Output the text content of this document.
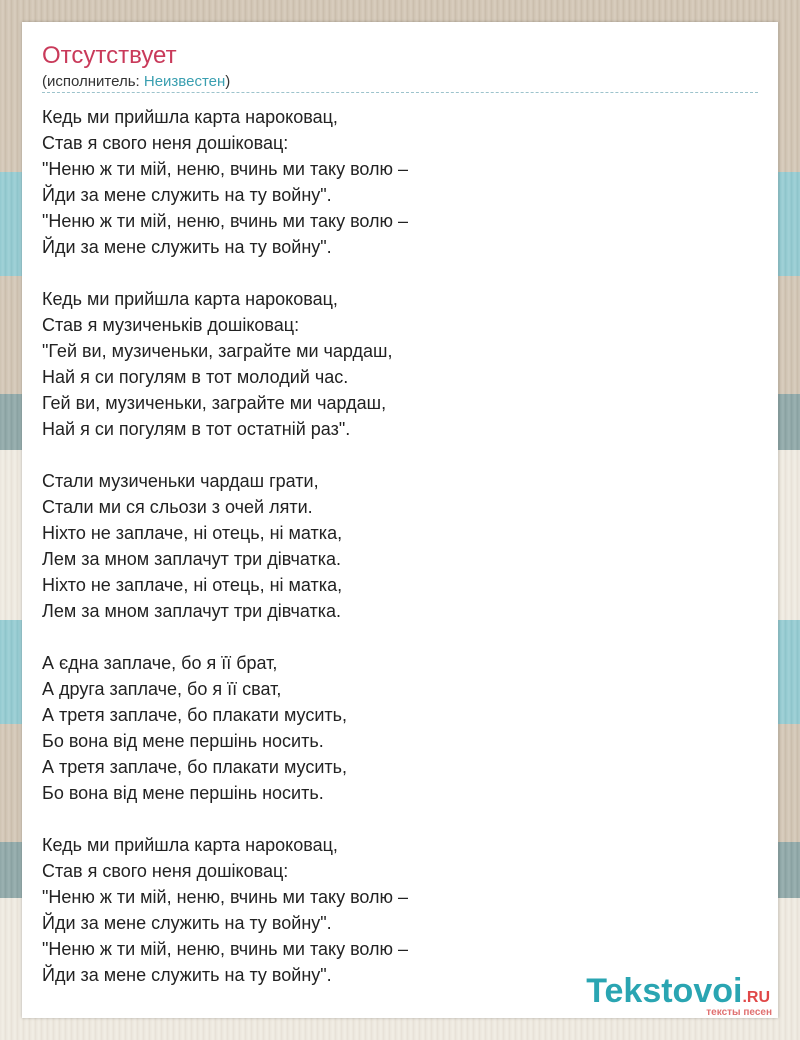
Отсутствует
(исполнитель: Неизвестен)
Кедь ми прийшла карта нароковац,
Став я свого неня дошіковац:
"Неню ж ти мій, неню, вчинь ми таку волю –
Йди за мене служить на ту войну".
"Неню ж ти мій, неню, вчинь ми таку волю –
Йди за мене служить на ту войну".
Кедь ми прийшла карта нароковац,
Став я музиченьків дошіковац:
"Гей ви, музиченьки, заграйте ми чардаш,
Най я си погулям в тот молодий час.
Гей ви, музиченьки, заграйте ми чардаш,
Най я си погулям в тот остатній раз".
Стали музиченьки чардаш грати,
Стали ми ся сльози з очей ляти.
Ніхто не заплаче, ні отець, ні матка,
Лем за мном заплачут три дівчатка.
Ніхто не заплаче, ні отець, ні матка,
Лем за мном заплачут три дівчатка.
А єдна заплаче, бо я її брат,
А друга заплаче, бо я її сват,
А третя заплаче, бо плакати мусить,
Бо вона від мене першінь носить.
А третя заплаче, бо плакати мусить,
Бо вона від мене першінь носить.
Кедь ми прийшла карта нароковац,
Став я свого неня дошіковац:
"Неню ж ти мій, неню, вчинь ми таку волю –
Йди за мене служить на ту войну".
"Неню ж ти мій, неню, вчинь ми таку волю –
Йди за мене служить на ту войну".	Tekstovoi.RU
тексты песен
